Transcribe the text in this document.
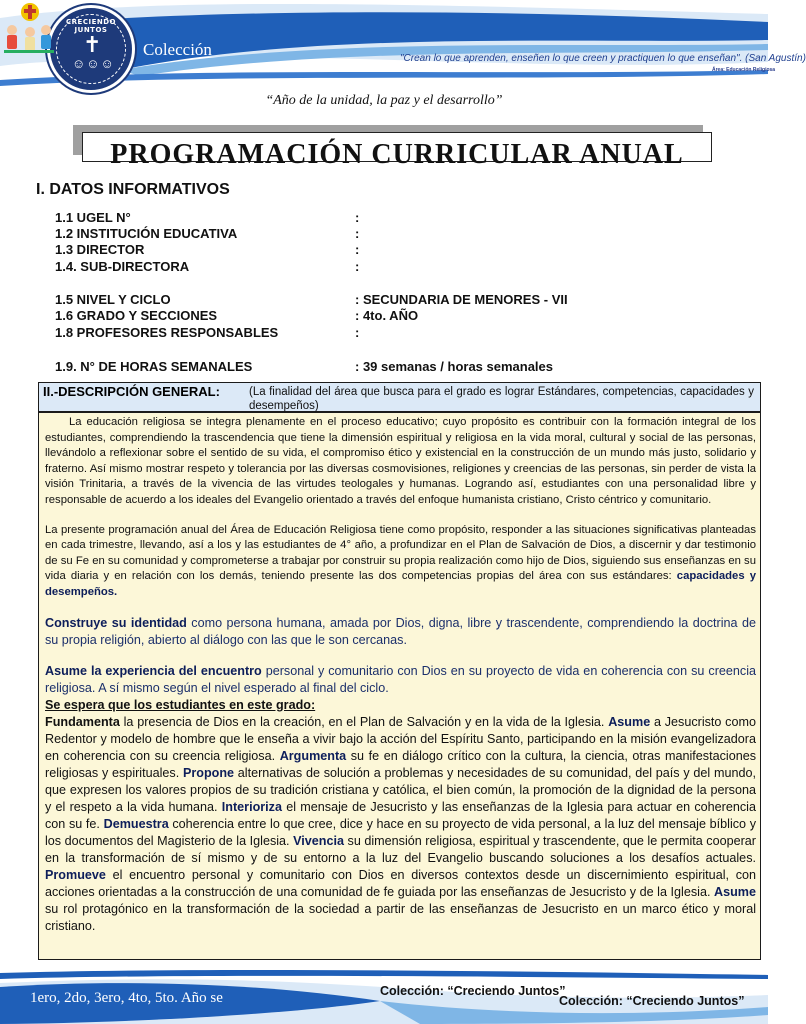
CRECIENDO JUNTOS
✝
☺☺☺
Colección	"Crean lo que aprenden, enseñen lo que creen y practiquen lo que enseñan". (San Agustín)
Área: Educación Religiosa
“Año de la unidad, la paz y el desarrollo”
PROGRAMACIÓN CURRICULAR ANUAL
I. DATOS INFORMATIVOS
1.1 UGEL N°	:
1.2 INSTITUCIÓN EDUCATIVA	:
1.3 DIRECTOR	:
1.4. SUB-DIRECTORA	:
1.5 NIVEL Y CICLO	: SECUNDARIA DE MENORES - VII
1.6 GRADO Y SECCIONES	: 4to. AÑO
1.8 PROFESORES RESPONSABLES	:
1.9. N° DE HORAS SEMANALES	: 39 semanas / horas semanales
II.-DESCRIPCIÓN GENERAL:	(La finalidad del área que busca para el grado es lograr Estándares, competencias, capacidades y desempeños)

La educación religiosa se integra plenamente en el proceso educativo; cuyo propósito es contribuir con la formación integral de los estudiantes, comprendiendo la trascendencia que tiene la dimensión espiritual y religiosa en la vida moral, cultural y social de las personas, llevándolo a reflexionar sobre el sentido de su vida, el compromiso ético y existencial en la construcción de un mundo más justo, solidario y fraterno. Así mismo mostrar respeto y tolerancia por las diversas cosmovisiones, religiones y creencias de las personas, sin perder de vista la visión Trinitaria, a través de la vivencia de las virtudes teologales y humanas. Logrando así, estudiantes con una personalidad libre y responsable de acuerdo a los ideales del Evangelio orientado a través del enfoque humanista cristiano, Cristo céntrico y comunitario.

La presente programación anual del Área de Educación Religiosa tiene como propósito, responder a las situaciones significativas planteadas en cada trimestre, llevando, así a los y las estudiantes de 4° año, a profundizar en el Plan de Salvación de Dios, a discernir y dar testimonio de su Fe en su comunidad y comprometerse a trabajar por construir su propia realización como hijo de Dios, siguiendo sus enseñanzas en su vida diaria y en relación con los demás, teniendo presente las dos competencias propias del área con sus estándares: capacidades y desempeños.

Construye su identidad como persona humana, amada por Dios, digna, libre y trascendente, comprendiendo la doctrina de su propia religión, abierto al diálogo con las que le son cercanas.

Asume la experiencia del encuentro personal y comunitario con Dios en su proyecto de vida en coherencia con su creencia religiosa. A sí mismo según el nivel esperado al final del ciclo.

Se espera que los estudiantes en este grado:

Fundamenta la presencia de Dios en la creación, en el Plan de Salvación y en la vida de la Iglesia. Asume a Jesucristo como Redentor y modelo de hombre que le enseña a vivir bajo la acción del Espíritu Santo, participando en la misión evangelizadora en coherencia con su creencia religiosa. Argumenta su fe en diálogo crítico con la cultura, la ciencia, otras manifestaciones religiosas y espirituales. Propone alternativas de solución a problemas y necesidades de su comunidad, del país y del mundo, que expresen los valores propios de su tradición cristiana y católica, el bien común, la promoción de la dignidad de la persona y el respeto a la vida humana. Interioriza el mensaje de Jesucristo y las enseñanzas de la Iglesia para actuar en coherencia con su fe. Demuestra coherencia entre lo que cree, dice y hace en su proyecto de vida personal, a la luz del mensaje bíblico y los documentos del Magisterio de la Iglesia. Vivencia su dimensión religiosa, espiritual y trascendente, que le permita cooperar en la transformación de sí mismo y de su entorno a la luz del Evangelio buscando soluciones a los desafíos actuales. Promueve el encuentro personal y comunitario con Dios en diversos contextos desde un discernimiento espiritual, con acciones orientadas a la construcción de una comunidad de fe guiada por las enseñanzas de Jesucristo y de la Iglesia. Asume su rol protagónico en la transformación de la sociedad a partir de las enseñanzas de Jesucristo en un marco ético y moral cristiano.

1ero, 2do, 3ero, 4to, 5to. Año se	Colección: “Creciendo Juntos”
Colección: “Creciendo Juntos”
